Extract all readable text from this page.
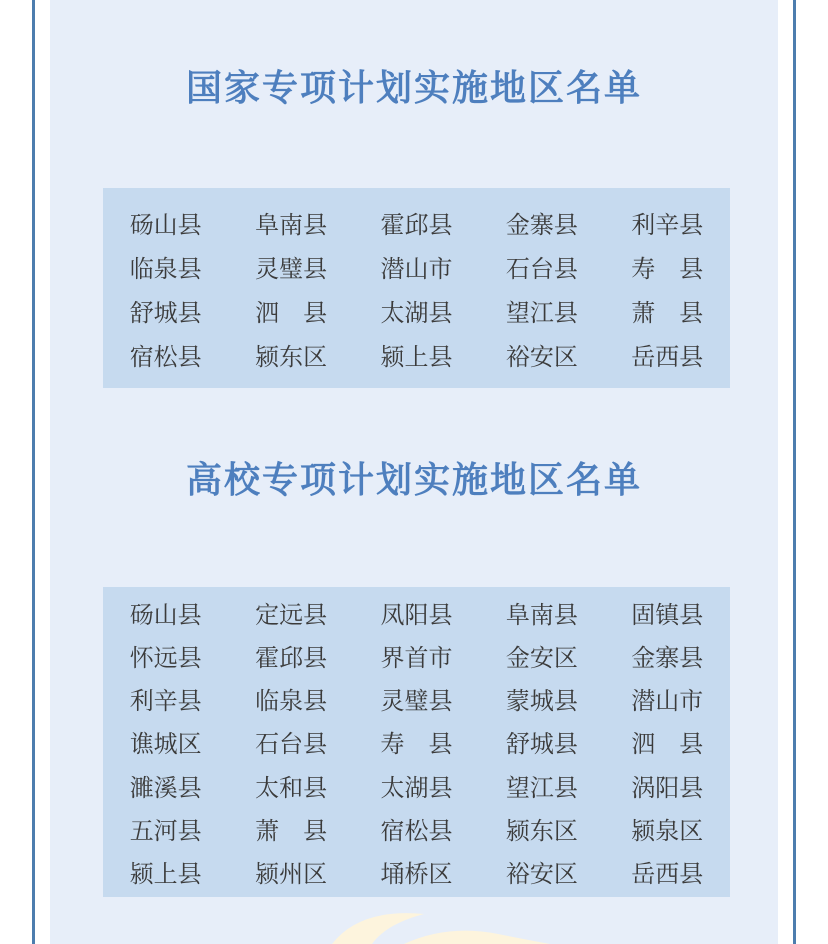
国家专项计划实施地区名单
砀山县	阜南县	霍邱县	金寨县	利辛县
临泉县	灵璧县	潜山市	石台县	寿　县
舒城县	泗　县	太湖县	望江县	萧　县
宿松县	颍东区	颍上县	裕安区	岳西县
高校专项计划实施地区名单
砀山县	定远县	凤阳县	阜南县	固镇县
怀远县	霍邱县	界首市	金安区	金寨县
利辛县	临泉县	灵璧县	蒙城县	潜山市
谯城区	石台县	寿　县	舒城县	泗　县
濉溪县	太和县	太湖县	望江县	涡阳县
五河县	萧　县	宿松县	颍东区	颍泉区
颍上县	颍州区	埇桥区	裕安区	岳西县
